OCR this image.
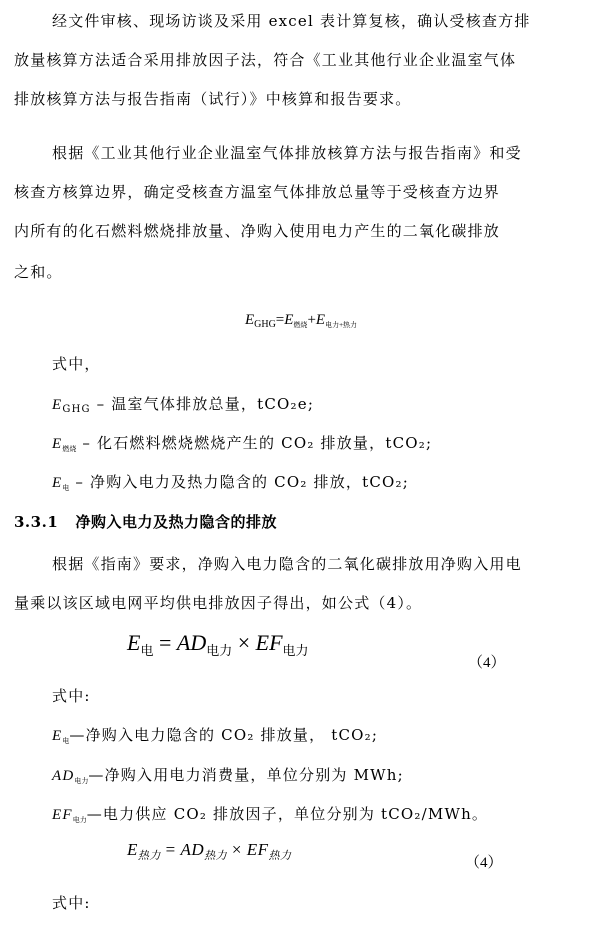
经文件审核、现场访谈及采用 excel 表计算复核，确认受核查方排
放量核算方法适合采用排放因子法，符合《工业其他行业企业温室气体
排放核算方法与报告指南（试行）》中核算和报告要求。
根据《工业其他行业企业温室气体排放核算方法与报告指南》和受
核查方核算边界，确定受核查方温室气体排放总量等于受核查方边界
内所有的化石燃料燃烧排放量、净购入使用电力产生的二氧化碳排放
之和。
$E_{GHG}=E_{燃烧}+E_{电力+热力}$
式中，
$E_{GHG}$ – 温室气体排放总量，tCO₂e;
$E_{燃烧}$ – 化石燃料燃烧燃烧产生的 CO₂ 排放量，tCO₂;
$E_电$ – 净购入电力及热力隐含的 CO₂ 排放，tCO₂;
3.3.1 净购入电力及热力隐含的排放
根据《指南》要求，净购入电力隐含的二氧化碳排放用净购入用电
量乘以该区域电网平均供电排放因子得出，如公式（4）。
$E_电 = AD_{电力} \times EF_{电力}$
（4）
式中:
$E_电—$净购入电力隐含的 CO₂ 排放量， tCO₂;
$AD_{电力}—$净购入用电力消费量，单位分别为 MWh;
$EF_{电力}—$电力供应 CO₂ 排放因子，单位分别为 tCO₂/MWh。
$E_{热力} = AD_{热力} \times EF_{热力}$	（4）
式中:
